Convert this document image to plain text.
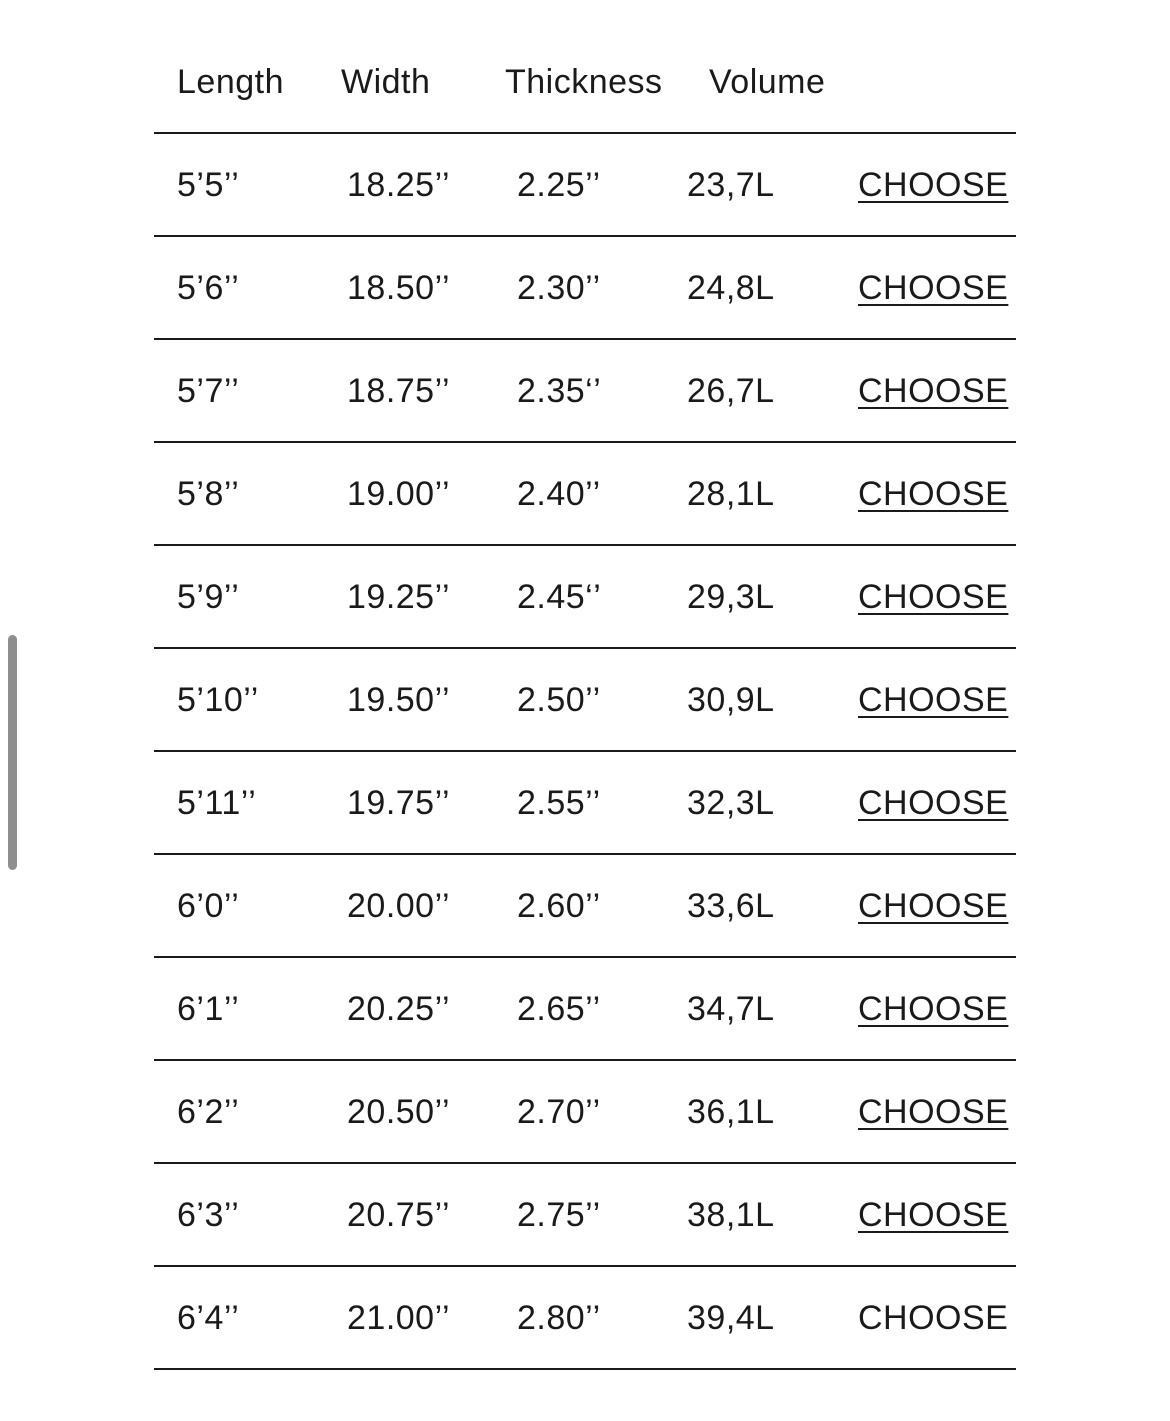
Length Width Thickness Volume
5’5’’	18.25’’ 2.25’’	23,7L CHOOSE
5’6’’	18.50’’ 2.30’’	24,8L CHOOSE
5’7’’	18.75’’ 2.35‘’	26,7L CHOOSE
5’8’’	19.00’’ 2.40’’	28,1L CHOOSE
5’9’’	19.25’’ 2.45‘’	29,3L CHOOSE
5’10’’	19.50’’ 2.50’’	30,9L CHOOSE
5’11’’	19.75’’ 2.55’’	32,3L CHOOSE
6’0’’	20.00’’ 2.60’’	33,6L CHOOSE
6’1’’	20.25’’ 2.65’’	34,7L CHOOSE
6’2’’	20.50’’ 2.70’’	36,1L CHOOSE
6’3’’	20.75’’ 2.75’’	38,1L CHOOSE
6’4’’	21.00’’ 2.80’’	39,4L CHOOSE
